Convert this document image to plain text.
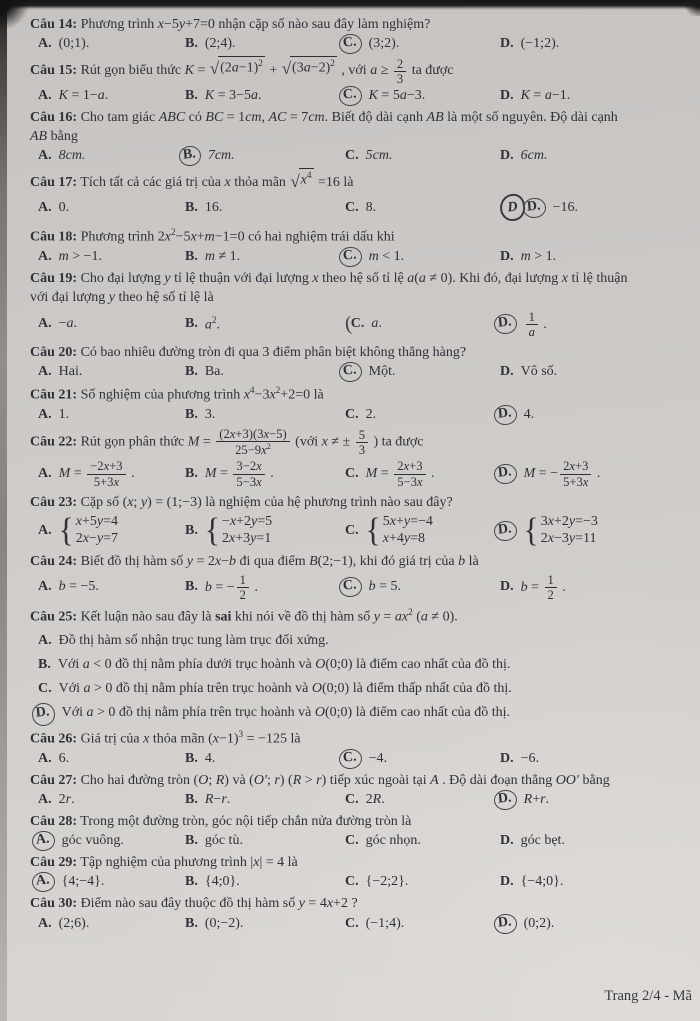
Câu 14: Phương trình x−5y+7=0 nhận cặp số nào sau đây làm nghiệm?
A. (0;1).	B. (2;4).	C. (3;2).	D. (−1;2).
Câu 15: Rút gọn biểu thức K = √ $(2a-1)^2$
+ √ $(3a-2)^2$
, với $a \ge \frac{2}{3}$ ta được
A. K = 1−a.	B. K = 3−5a.	C. K = 5a−3.	D. K = a−1.
Câu 16: Cho tam giác ABC có BC = 1cm, AC = 7cm. Biết độ dài cạnh AB là một số nguyên. Độ dài cạnh
AB bằng
A. 8cm.	B. 7cm.	C. 5cm.	D. 6cm.
Câu 17: Tích tất cả các giá trị của x thỏa mãn √ $x^4$
=16 là
A. 0.	B. 16.	C. 8.	D D. −16.
Câu 18: Phương trình $2x^2-5x+m-1=0$ có hai nghiệm trái dấu khi
A. m > −1.	B. m ≠ 1.	C. m < 1.	D. m > 1.
Câu 19: Cho đại lượng y tỉ lệ thuận với đại lượng x theo hệ số tỉ lệ a(a ≠ 0). Khi đó, đại lượng x tỉ lệ thuận
với đại lượng y theo hệ số tỉ lệ là
A. −a.	B. $a^2$.	(
C. a.	D. $\frac{1}{a}$ .
Câu 20: Có bao nhiêu đường tròn đi qua 3 điểm phân biệt không thẳng hàng?
A. Hai.	B. Ba.	C. Một.	D. Vô số.
Câu 21: Số nghiệm của phương trình $x^4-3x^2+2=0$ là
A. 1.	B. 3.	C. 2.	D. 4.
Câu 22: Rút gọn phân thức $M = \frac{(2x+3)(3x-5)}{25-9x^2}$ (với x ≠ ± $\frac{5}{3}$ ) ta được
A. $M = \frac{-2x+3}{5+3x}$ .	B. $M = \frac{3-2x}{5-3x}$ .	C. $M = \frac{2x+3}{5-3x}$ .	D. M = − $\frac{2x+3}{5+3x}$ .
Câu 23: Cặp số (x; y) = (1;−3) là nghiệm của hệ phương trình nào sau đây?
A. { x+5y=4
2x−y=7
B. { −x+2y=5
2x+3y=1
C. { 5x+y=−4
x+4y=8
D. { 3x+2y=−3
2x−3y=11
Câu 24: Biết đồ thị hàm số y = 2x−b đi qua điểm B(2;−1), khi đó giá trị của b là
A. b = −5.	B. b = − $\frac{1}{2}$ .	C. b = 5.	D. $b = \frac{1}{2}$ .
Câu 25: Kết luận nào sau đây là sai khi nói về đồ thị hàm số $y = ax^2$ (a ≠ 0).
A. Đồ thị hàm số nhận trục tung làm trục đối xứng.
B. Với a < 0 đồ thị nằm phía dưới trục hoành và O(0;0) là điểm cao nhất của đồ thị.
C. Với a > 0 đồ thị nằm phía trên trục hoành và O(0;0) là điểm thấp nhất của đồ thị.
D. Với a > 0 đồ thị nằm phía trên trục hoành và O(0;0) là điểm cao nhất của đồ thị.
Câu 26: Giá trị của x thỏa mãn $(x-1)^3 = -125$ là
A. 6.	B. 4.	C. −4.	D. −6.
Câu 27: Cho hai đường tròn (O; R) và (O′; r) (R > r) tiếp xúc ngoài tại A . Độ dài đoạn thẳng OO′ bằng
A. 2r.	B. R−r.	C. 2R.	D. R+r.
Câu 28: Trong một đường tròn, góc nội tiếp chắn nửa đường tròn là
A. góc vuông.	B. góc tù.	C. góc nhọn.	D. góc bẹt.
Câu 29: Tập nghiệm của phương trình |x| = 4 là
A. {4;−4}.	B. {4;0}.	C. {−2;2}.	D. {−4;0}.
Câu 30: Điểm nào sau đây thuộc đồ thị hàm số y = 4x+2 ?
A. (2;6).	B. (0;−2).	C. (−1;4).	D. (0;2).
Trang 2/4 - Mã
